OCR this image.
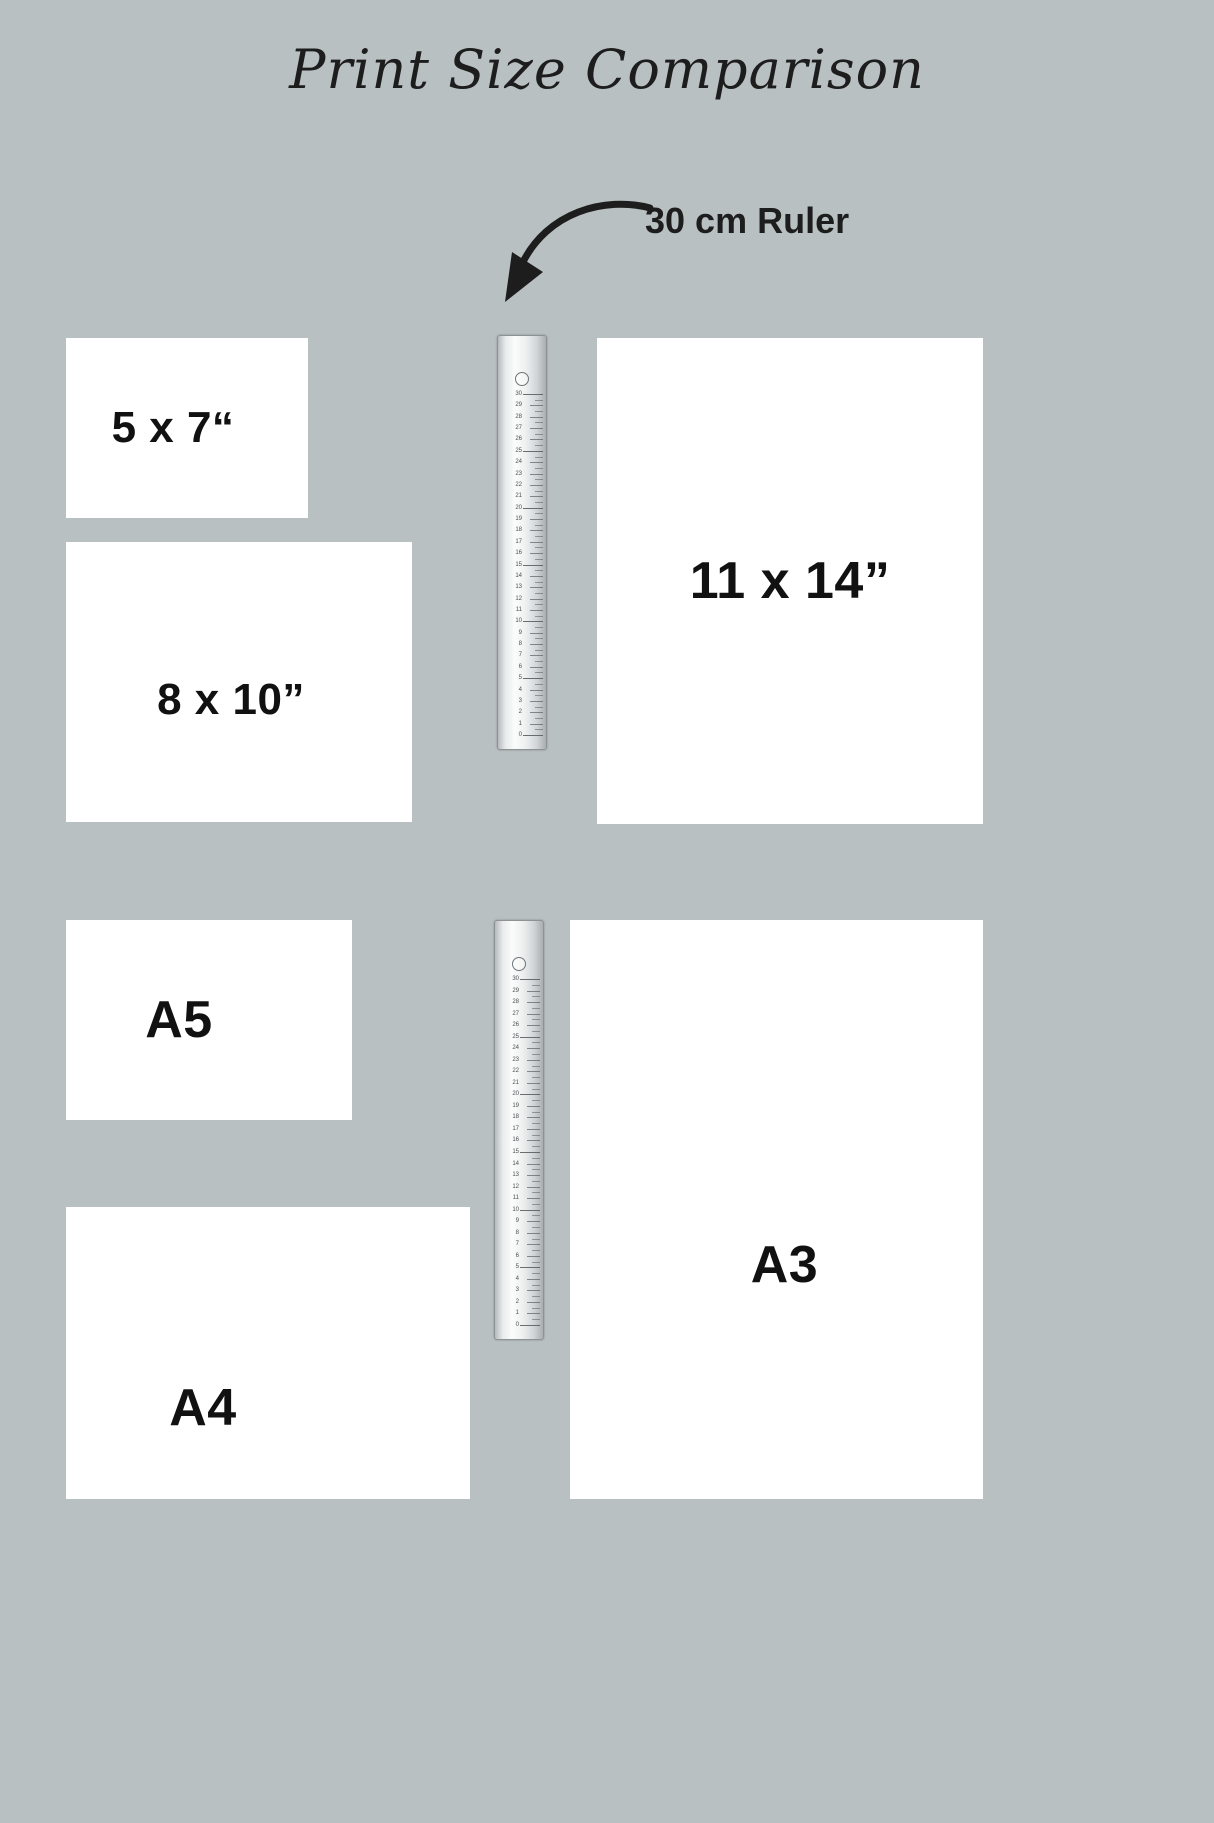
Print Size Comparison
30 cm Ruler
5 x 7“
8 x 10”
11 x 14”
A5
A4
A3
30
29
28
27
26
25
24
23
22
21
20
19
18
17
16
15
14
13
12
11
10
9
8
7
6
5
4
3
2
1
0
30
29
28
27
26
25
24
23
22
21
20
19
18
17
16
15
14
13
12
11
10
9
8
7
6
5
4
3
2
1
0
